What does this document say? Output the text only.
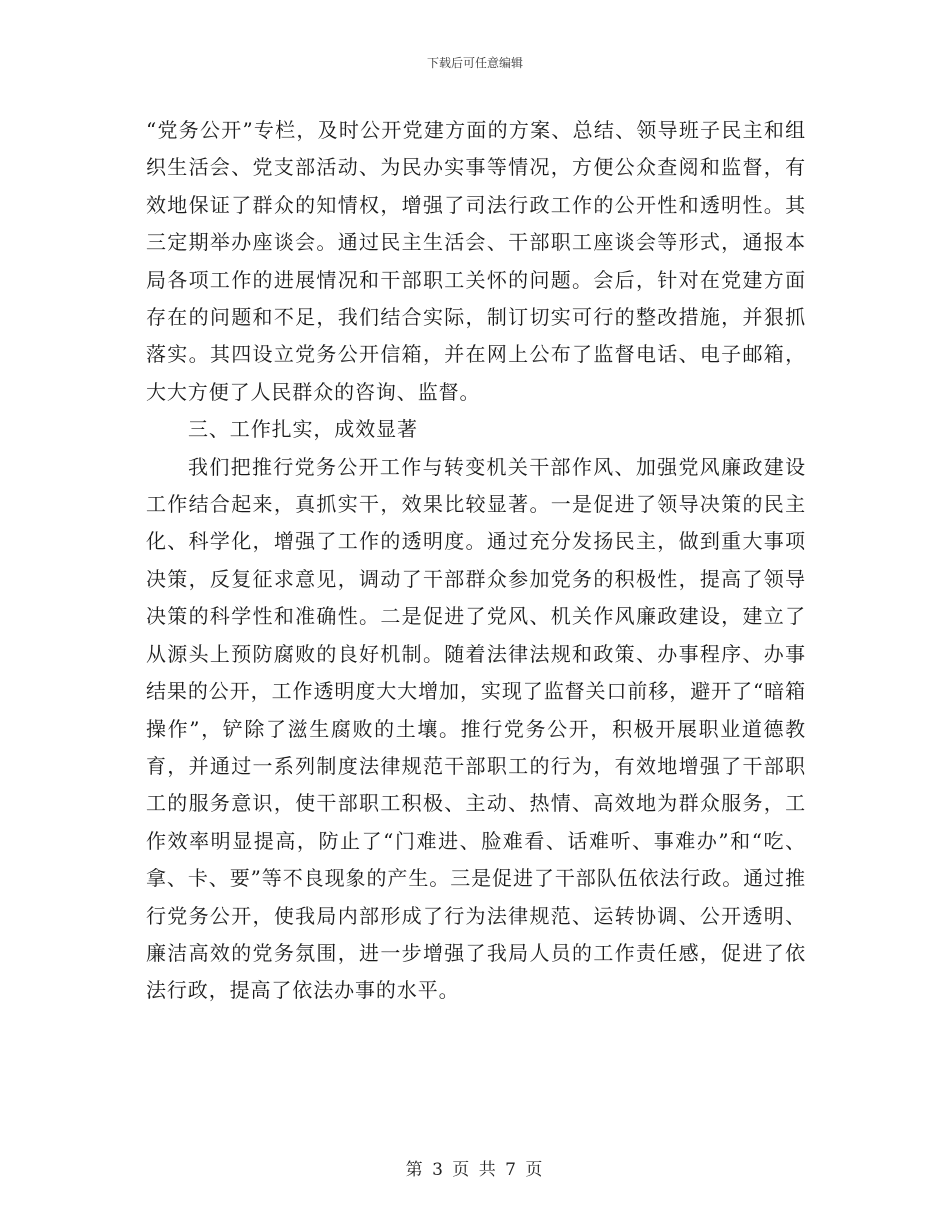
下载后可任意编辑

“党务公开”专栏，及时公开党建方面的方案、总结、领导班子民主和组织生活会、党支部活动、为民办实事等情况，方便公众查阅和监督，有效地保证了群众的知情权，增强了司法行政工作的公开性和透明性。其三定期举办座谈会。通过民主生活会、干部职工座谈会等形式，通报本局各项工作的进展情况和干部职工关怀的问题。会后，针对在党建方面存在的问题和不足，我们结合实际，制订切实可行的整改措施，并狠抓落实。其四设立党务公开信箱，并在网上公布了监督电话、电子邮箱，大大方便了人民群众的咨询、监督。

三、工作扎实，成效显著

我们把推行党务公开工作与转变机关干部作风、加强党风廉政建设工作结合起来，真抓实干，效果比较显著。一是促进了领导决策的民主化、科学化，增强了工作的透明度。通过充分发扬民主，做到重大事项决策，反复征求意见，调动了干部群众参加党务的积极性，提高了领导决策的科学性和准确性。二是促进了党风、机关作风廉政建设，建立了从源头上预防腐败的良好机制。随着法律法规和政策、办事程序、办事结果的公开，工作透明度大大增加，实现了监督关口前移，避开了“暗箱操作”，铲除了滋生腐败的土壤。推行党务公开，积极开展职业道德教育，并通过一系列制度法律规范干部职工的行为，有效地增强了干部职工的服务意识，使干部职工积极、主动、热情、高效地为群众服务，工作效率明显提高，防止了“门难进、脸难看、话难听、事难办”和“吃、拿、卡、要”等不良现象的产生。三是促进了干部队伍依法行政。通过推行党务公开，使我局内部形成了行为法律规范、运转协调、公开透明、廉洁高效的党务氛围，进一步增强了我局人员的工作责任感，促进了依法行政，提高了依法办事的水平。

第 3 页 共 7 页
